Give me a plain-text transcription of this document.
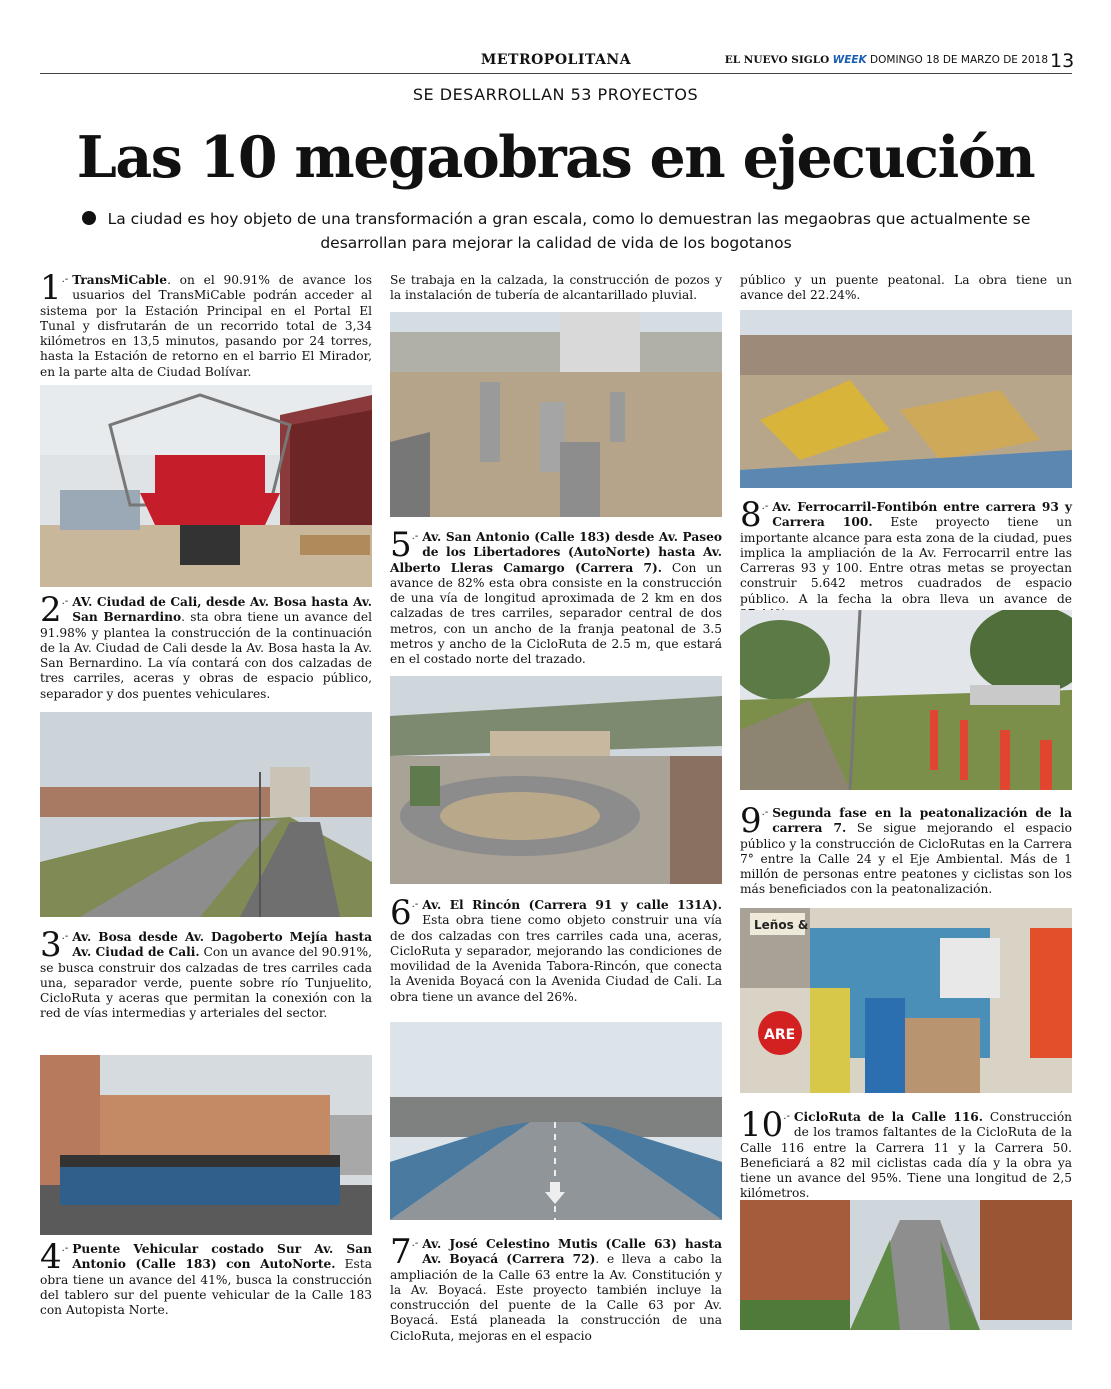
METROPOLITANA	EL NUEVO SIGLO WEEK DOMINGO 18 DE MARZO DE 2018 13
SE DESARROLLAN 53 PROYECTOS
Las 10 megaobras en ejecución
La ciudad es hoy objeto de una transformación a gran escala, como lo demuestran las megaobras que actualmente se desarrollan para mejorar la calidad de vida de los bogotanos

1.- TransMiCable. on el 90.91% de avance los usuarios del TransMiCable podrán acceder al sistema por la Estación Principal en el Portal El Tunal y disfrutarán de un recorrido total de 3,34 kilómetros en 13,5 minutos, pasando por 24 torres, hasta la Estación de retorno en el barrio El Mirador, en la parte alta de Ciudad Bolívar.

2.- AV. Ciudad de Cali, desde Av. Bosa hasta Av. San Bernardino. sta obra tiene un avance del 91.98% y plantea la construcción de la continuación de la Av. Ciudad de Cali desde la Av. Bosa hasta la Av. San Bernardino. La vía contará con dos calzadas de tres carriles, aceras y obras de espacio público, separador y dos puentes vehiculares.

3.- Av. Bosa desde Av. Dagoberto Mejía hasta Av. Ciudad de Cali. Con un avance del 90.91%, se busca construir dos calzadas de tres carriles cada una, separador verde, puente sobre río Tunjuelito, CicloRuta y aceras que permitan la conexión con la red de vías intermedias y arteriales del sector.

4.- Puente Vehicular costado Sur Av. San Antonio (Calle 183) con AutoNorte. Esta obra tiene un avance del 41%, busca la construcción del tablero sur del puente vehicular de la Calle 183 con Autopista Norte.

Se trabaja en la calzada, la construcción de pozos y la instalación de tubería de alcantarillado pluvial.

5.- Av. San Antonio (Calle 183) desde Av. Paseo de los Libertadores (AutoNorte) hasta Av. Alberto Lleras Camargo (Carrera 7). Con un avance de 82% esta obra consiste en la construcción de una vía de longitud aproximada de 2 km en dos calzadas de tres carriles, separador central de dos metros, con un ancho de la franja peatonal de 3.5 metros y ancho de la CicloRuta de 2.5 m, que estará en el costado norte del trazado.

6.- Av. El Rincón (Carrera 91 y calle 131A). Esta obra tiene como objeto construir una vía de dos calzadas con tres carriles cada una, aceras, CicloRuta y separador, mejorando las condiciones de movilidad de la Avenida Tabora-Rincón, que conecta la Avenida Boyacá con la Avenida Ciudad de Cali. La obra tiene un avance del 26%.

7.- Av. José Celestino Mutis (Calle 63) hasta Av. Boyacá (Carrera 72). e lleva a cabo la ampliación de la Calle 63 entre la Av. Constitución y la Av. Boyacá. Este proyecto también incluye la construcción del puente de la Calle 63 por Av. Boyacá. Está planeada la construcción de una CicloRuta, mejoras en el espacio

público y un puente peatonal. La obra tiene un avance del 22.24%.

8.- Av. Ferrocarril-Fontibón entre carrera 93 y Carrera 100. Este proyecto tiene un importante alcance para esta zona de la ciudad, pues implica la ampliación de la Av. Ferrocarril entre las Carreras 93 y 100. Entre otras metas se proyectan construir 5.642 metros cuadrados de espacio público. A la fecha la obra lleva un avance de

9.- Segunda fase en la peatonalización de la carrera 7. Se sigue mejorando el espacio público y la construcción de CicloRutas en la Carrera 7° entre la Calle 24 y el Eje Ambiental. Más de 1 millón de personas entre peatones y ciclistas son los más beneficiados con la peatonalización.

Leños &
ARE

10.- CicloRuta de la Calle 116. Construcción de los tramos faltantes de la CicloRuta de la Calle 116 entre la Carrera 11 y la Carrera 50. Beneficiará a 82 mil ciclistas cada día y la obra ya tiene un avance del 95%. Tiene una longitud de 2,5 kilómetros.
